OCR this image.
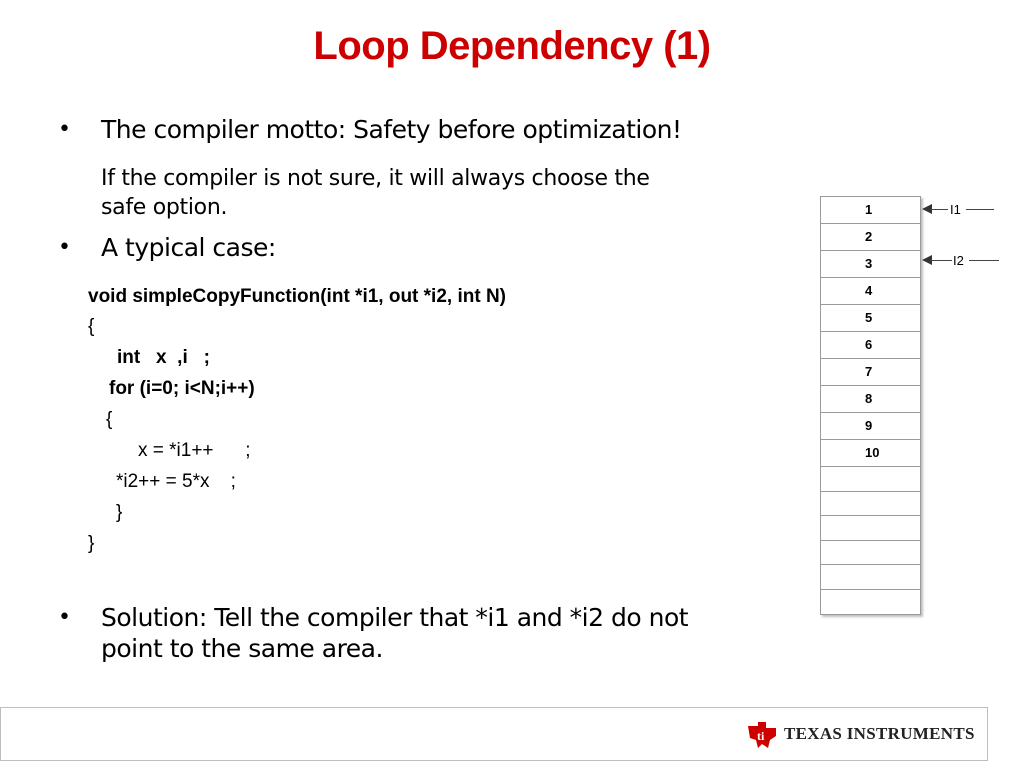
Loop Dependency (1)
•	The compiler motto: Safety before optimization!
If the compiler is not sure, it will always choose the
safe option.
•	A typical case:
void simpleCopyFunction(int *i1, out *i2, int N)
{
int   x  ,i   ;
for (i=0; i<N;i++)
{
x = *i1++      ;
*i2++ = 5*x    ;
}
}
•	Solution: Tell the compiler that *i1 and *i2 do not
point to the same area.
1
2
3
4
5
6
7
8
9
10

I1
I2
ti TEXAS INSTRUMENTS
